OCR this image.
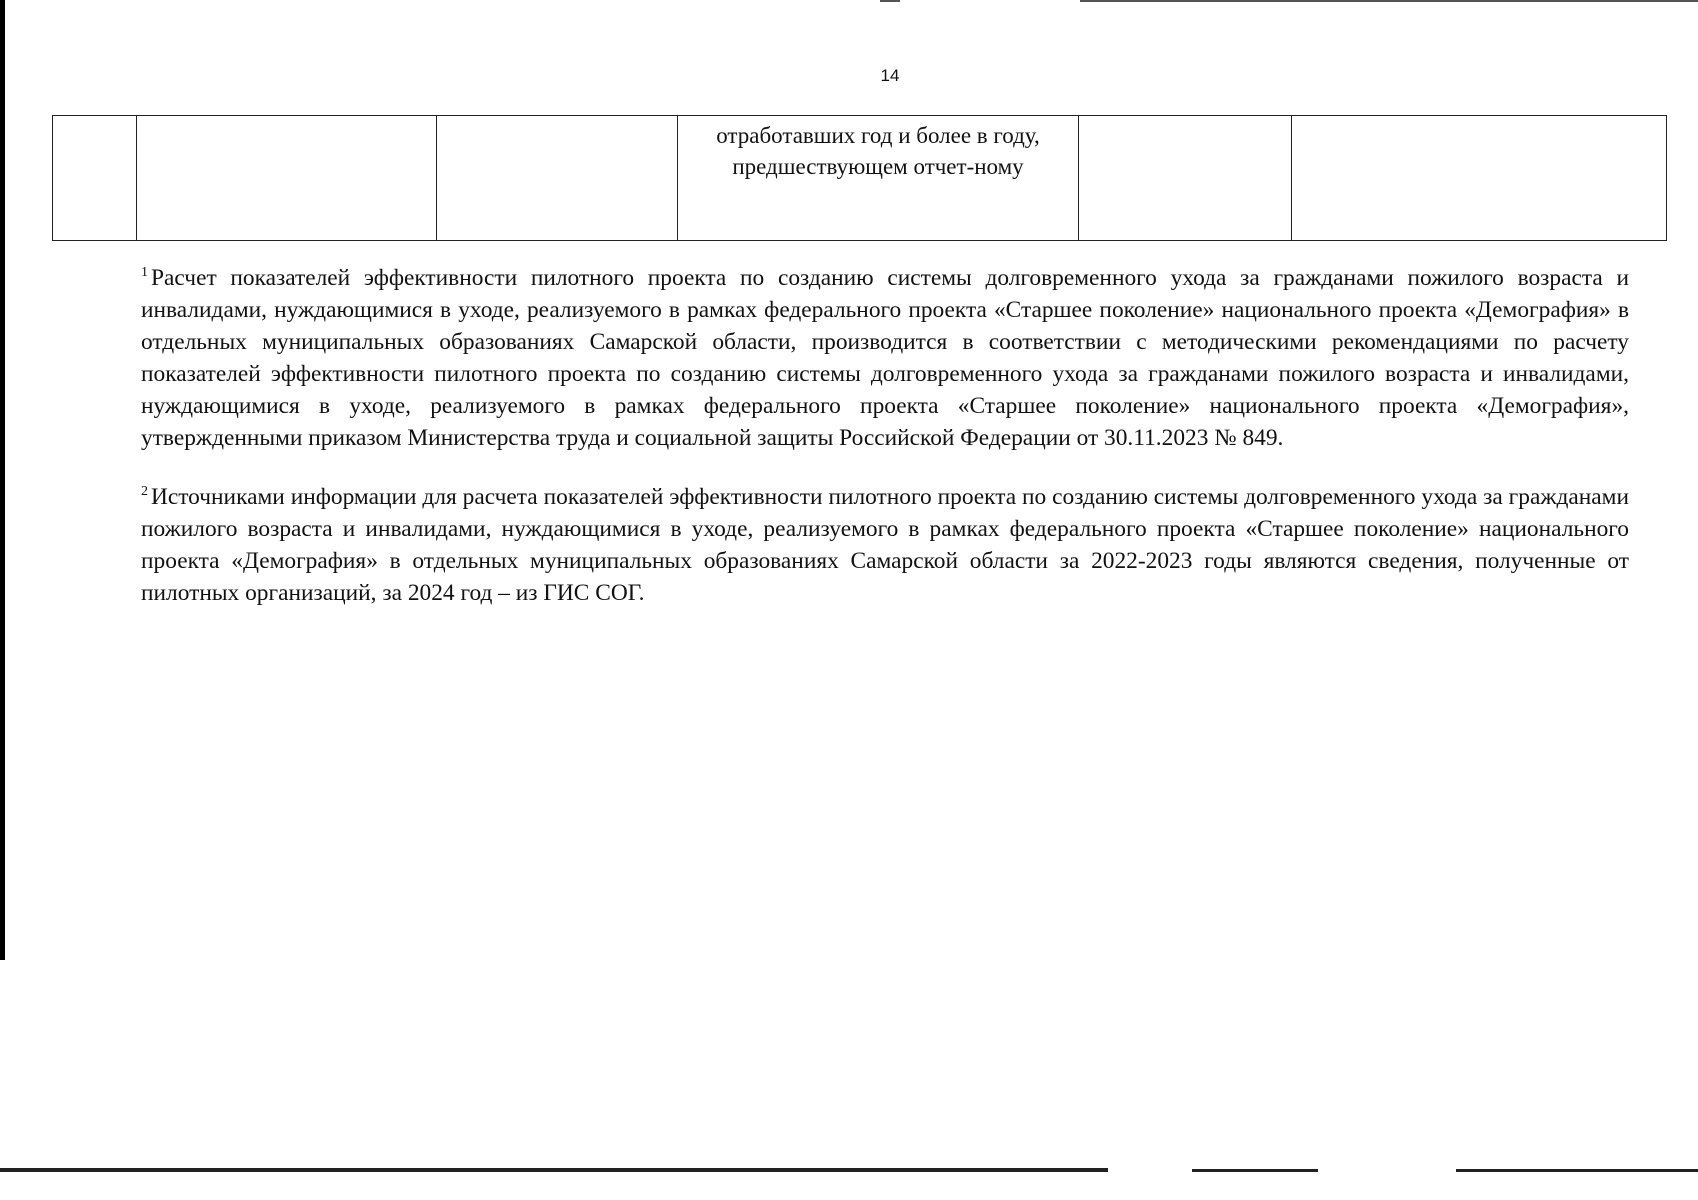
14
			отработавших год и более в году, предшествующем отчет-ному		

$^1$ Расчет показателей эффективности пилотного проекта по созданию системы долговременного ухода за гражданами пожилого возраста и инвалидами, нуждающимися в уходе, реализуемого в рамках федерального проекта «Старшее поколение» национального проекта «Демография» в отдельных муниципальных образованиях Самарской области, производится в соответствии с методическими рекомендациями по расчету показателей эффективности пилотного проекта по созданию системы долговременного ухода за гражданами пожилого возраста и инвалидами, нуждающимися в уходе, реализуемого в рамках федерального проекта «Старшее поколение» национального проекта «Демография», утвержденными приказом Министерства труда и социальной защиты Российской Федерации от 30.11.2023 № 849.

$^2$ Источниками информации для расчета показателей эффективности пилотного проекта по созданию системы долговременного ухода за гражданами пожилого возраста и инвалидами, нуждающимися в уходе, реализуемого в рамках федерального проекта «Старшее поколение» национального проекта «Демография» в отдельных муниципальных образованиях Самарской области за 2022-2023 годы являются сведения, полученные от пилотных организаций, за 2024 год – из ГИС СОГ.
